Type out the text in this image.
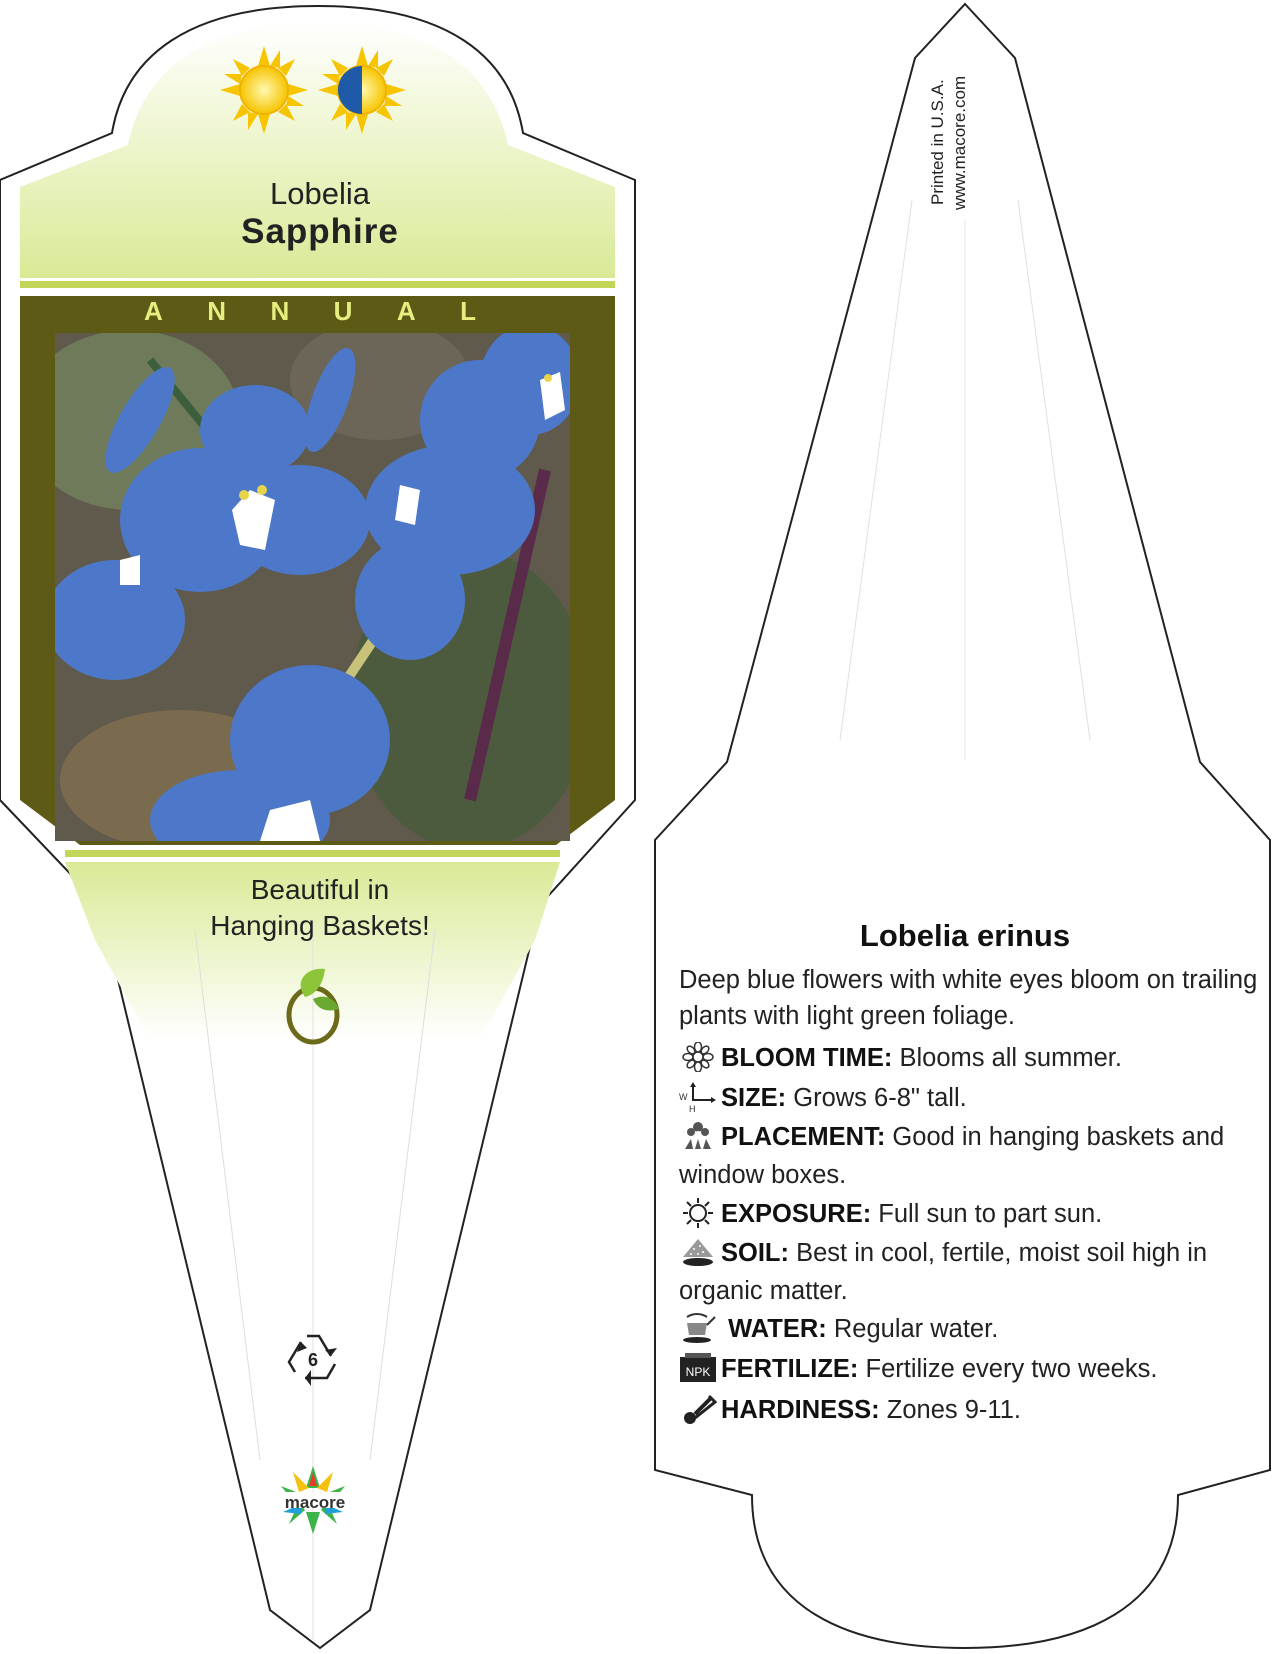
Lobelia
Sapphire
A N N U A L
Beautiful in
Hanging Baskets!
6
macore
Printed in U.S.A. www.macore.com
Lobelia erinus

Deep blue flowers with white eyes bloom on trailing plants with light green foliage.

BLOOM TIME: Blooms all summer.

W
H SIZE: Grows 6-8" tall.

PLACEMENT: Good in hanging baskets and window boxes.

EXPOSURE: Full sun to part sun.

SOIL: Best in cool, fertile, moist soil high in organic matter.

WATER: Regular water.

NPK FERTILIZE: Fertilize every two weeks.

HARDINESS: Zones 9-11.
